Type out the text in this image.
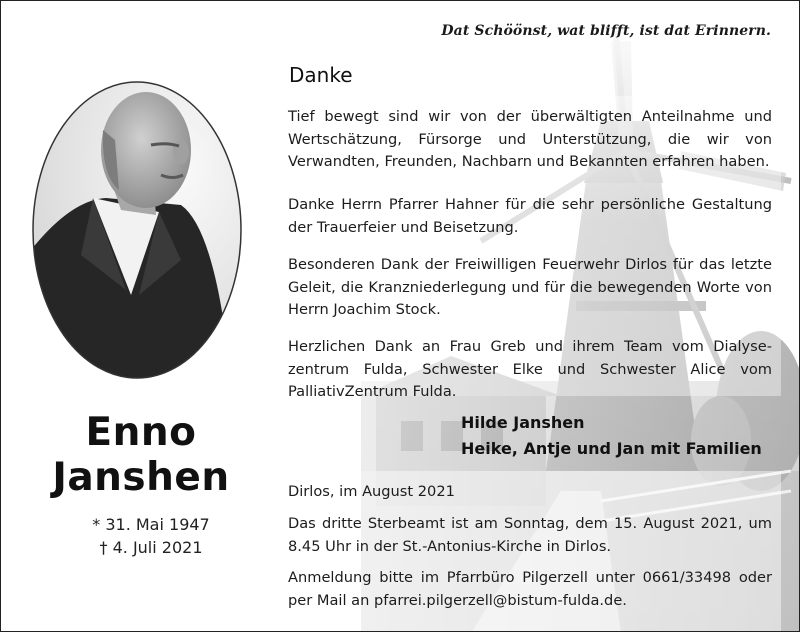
Dat Schöönst, wat blifft, ist dat Erinnern.
Enno
Janshen
* 31. Mai 1947
† 4. Juli 2021
Danke
Tief bewegt sind wir von der überwältigten Anteilnahme und Wertschätzung, Fürsorge und Unterstützung, die wir von Verwandten, Freunden, Nachbarn und Bekannten erfahren haben.
Danke Herrn Pfarrer Hahner für die sehr persönliche Gestaltung der Trauerfeier und Beisetzung.
Besonderen Dank der Freiwilligen Feuerwehr Dirlos für das letzte Geleit, die Kranzniederlegung und für die bewegenden Worte von Herrn Joachim Stock.
Herzlichen Dank an Frau Greb und ihrem Team vom Dialyse-zentrum Fulda, Schwester Elke und Schwester Alice vom PalliativZentrum Fulda.
Hilde Janshen
Heike, Antje und Jan mit Familien
Dirlos, im August 2021
Das dritte Sterbeamt ist am Sonntag, dem 15. August 2021, um 8.45 Uhr in der St.-Antonius-Kirche in Dirlos.
Anmeldung bitte im Pfarrbüro Pilgerzell unter 0661/33498 oder per Mail an pfarrei.pilgerzell@bistum-fulda.de.
